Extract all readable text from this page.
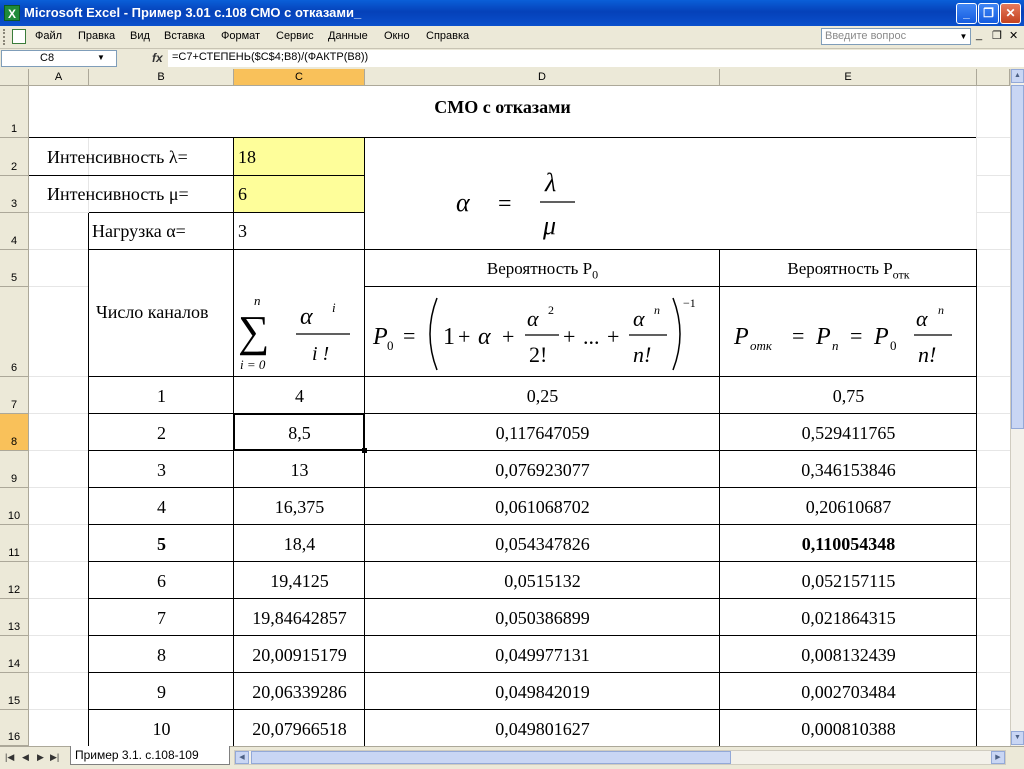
X Microsoft Excel - Пример 3.01 с.108 СМО с отказами_	_	❐ ✕
Файл Правка Вид Вставка Формат Сервис Данные Окно Справка	Введите вопрос	▼ _ ❐ ✕
C8	▼	fx =C7+СТЕПЕНЬ($C$4;B8)/(ФАКТР(B8))
A	B	C	D	E
1
2
3
4
5
6
7
8
9
10
11
12
13
14
15
16
СМО с отказами
Интенсивность λ=	18
Интенсивность μ=	6
Нагрузка α=	3
α =
λ
μ
Число каналов
Вероятность $P_0$	Вероятность $P_{отк}$
n
∑
i = 0
α i
i !
P 0 = 1 + α +
α 2
2!
+ ... +
α n
n!
−1
P отк = P n = P 0
α n
n!
1	4	0,25	0,75
2	8,5	0,117647059	0,529411765
3	13	0,076923077	0,346153846
4	16,375	0,061068702	0,20610687
5	18,4	0,054347826	0,110054348
6	19,4125	0,0515132	0,052157115
7	19,84642857	0,050386899	0,021864315
8	20,00915179	0,049977131	0,008132439
9	20,06339286	0,049842019	0,002703484
10	20,07966518	0,049801627	0,000810388
▲
▼
|◀ ◀ ▶ ▶|	Пример 3.1. с.108-109	◀	▶
